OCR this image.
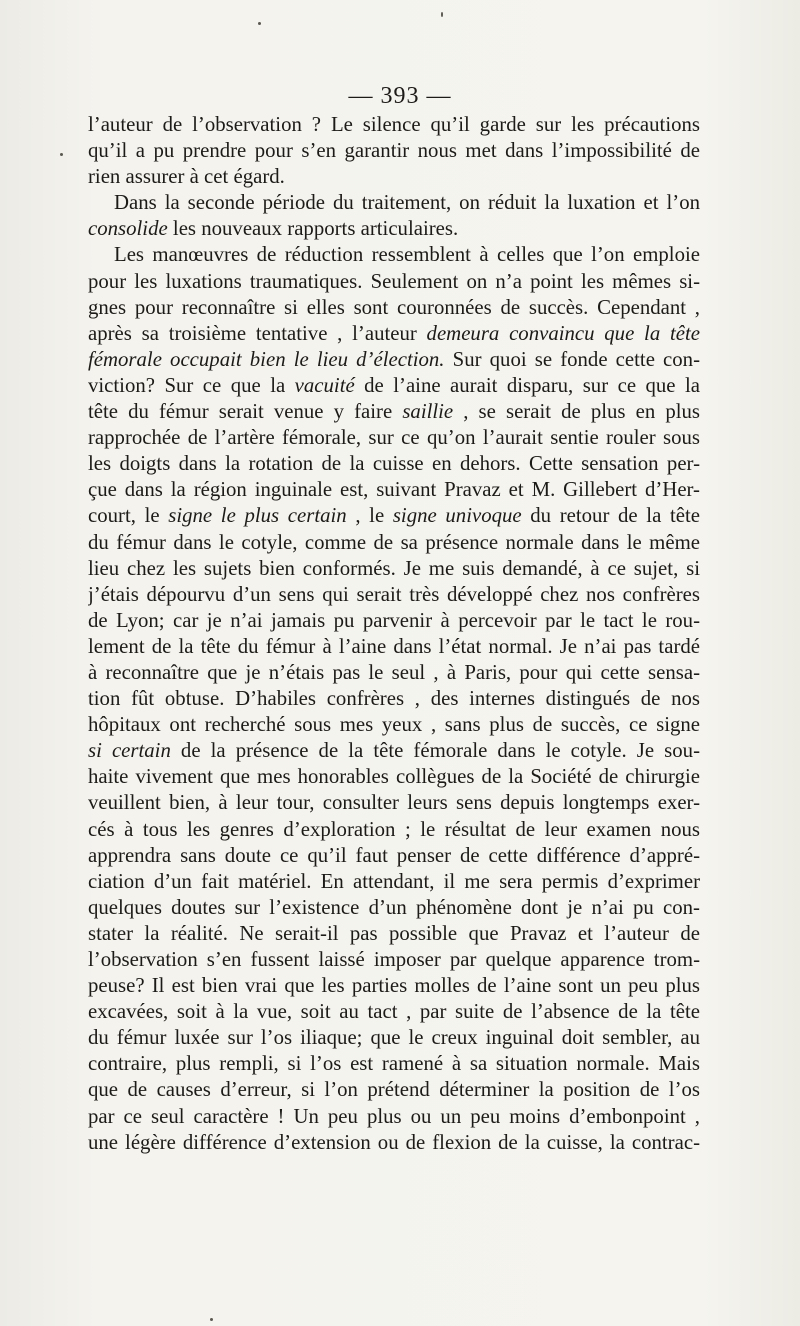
— 393 —
l’auteur de l’observation ? Le silence qu’il garde sur les précautions
qu’il a pu prendre pour s’en garantir nous met dans l’impossibilité de
rien assurer à cet égard.
Dans la seconde période du traitement, on réduit la luxation et l’on
consolide les nouveaux rapports articulaires.
Les manœuvres de réduction ressemblent à celles que l’on emploie
pour les luxations traumatiques. Seulement on n’a point les mêmes si-
gnes pour reconnaître si elles sont couronnées de succès. Cependant ,
après sa troisième tentative , l’auteur demeura convaincu que la tête
fémorale occupait bien le lieu d’élection. Sur quoi se fonde cette con-
viction? Sur ce que la vacuité de l’aine aurait disparu, sur ce que la
tête du fémur serait venue y faire saillie , se serait de plus en plus
rapprochée de l’artère fémorale, sur ce qu’on l’aurait sentie rouler sous
les doigts dans la rotation de la cuisse en dehors. Cette sensation per-
çue dans la région inguinale est, suivant Pravaz et M. Gillebert d’Her-
court, le signe le plus certain , le signe univoque du retour de la tête
du fémur dans le cotyle, comme de sa présence normale dans le même
lieu chez les sujets bien conformés. Je me suis demandé, à ce sujet, si
j’étais dépourvu d’un sens qui serait très développé chez nos confrères
de Lyon; car je n’ai jamais pu parvenir à percevoir par le tact le rou-
lement de la tête du fémur à l’aine dans l’état normal. Je n’ai pas tardé
à reconnaître que je n’étais pas le seul , à Paris, pour qui cette sensa-
tion fût obtuse. D’habiles confrères , des internes distingués de nos
hôpitaux ont recherché sous mes yeux , sans plus de succès, ce signe
si certain de la présence de la tête fémorale dans le cotyle. Je sou-
haite vivement que mes honorables collègues de la Société de chirurgie
veuillent bien, à leur tour, consulter leurs sens depuis longtemps exer-
cés à tous les genres d’exploration ; le résultat de leur examen nous
apprendra sans doute ce qu’il faut penser de cette différence d’appré-
ciation d’un fait matériel. En attendant, il me sera permis d’exprimer
quelques doutes sur l’existence d’un phénomène dont je n’ai pu con-
stater la réalité. Ne serait-il pas possible que Pravaz et l’auteur de
l’observation s’en fussent laissé imposer par quelque apparence trom-
peuse? Il est bien vrai que les parties molles de l’aine sont un peu plus
excavées, soit à la vue, soit au tact , par suite de l’absence de la tête
du fémur luxée sur l’os iliaque; que le creux inguinal doit sembler, au
contraire, plus rempli, si l’os est ramené à sa situation normale. Mais
que de causes d’erreur, si l’on prétend déterminer la position de l’os
par ce seul caractère ! Un peu plus ou un peu moins d’embonpoint ,
une légère différence d’extension ou de flexion de la cuisse, la contrac-
